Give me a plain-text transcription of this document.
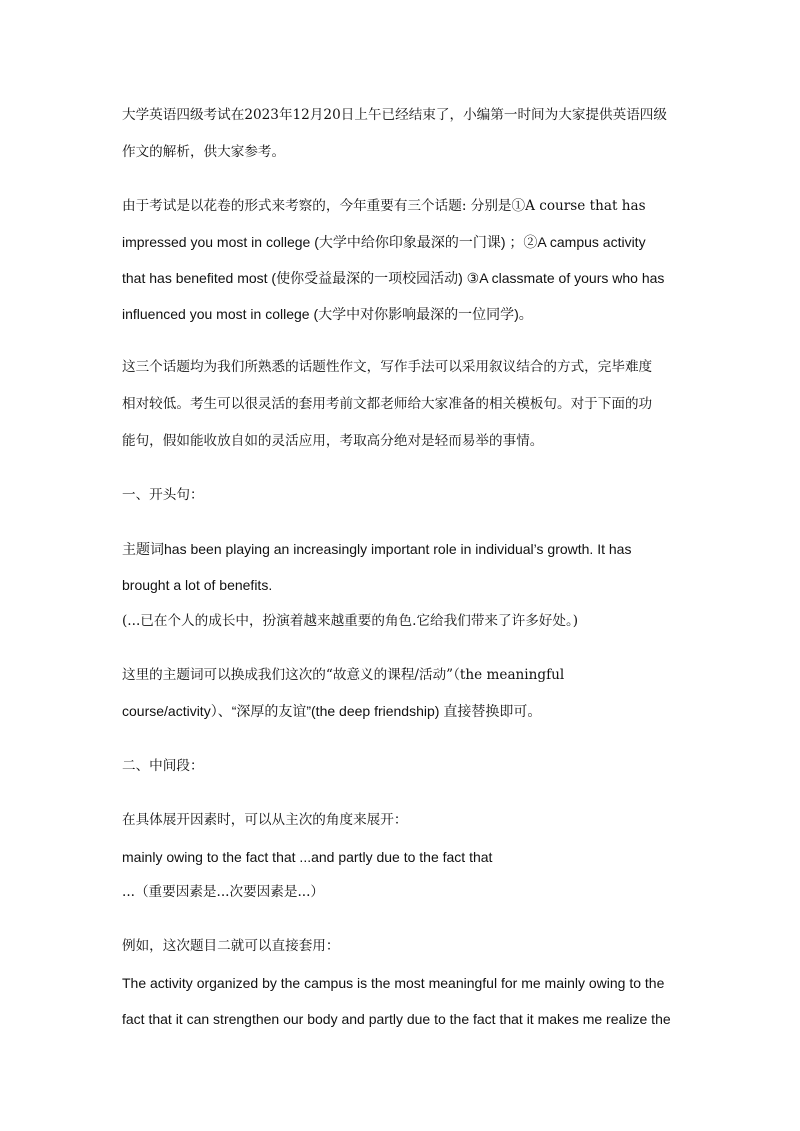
大学英语四级考试在2023年12月20日上午已经结束了，小编第一时间为大家提供英语四级
作文的解析，供大家参考。
由于考试是以花卷的形式来考察的，今年重要有三个话题: 分别是①A course that has
impressed you most in college (大学中给你印象最深的一门课) ；②A campus activity
that has benefited most (使你受益最深的一项校园活动) ③A classmate of yours who has
influenced you most in college (大学中对你影响最深的一位同学)。
这三个话题均为我们所熟悉的话题性作文，写作手法可以采用叙议结合的方式，完毕难度
相对较低。考生可以很灵活的套用考前文都老师给大家准备的相关模板句。对于下面的功
能句，假如能收放自如的灵活应用，考取高分绝对是轻而易举的事情。
一、开头句：
主题词has been playing an increasingly important role in individual’s growth. It has
brought a lot of benefits.
(...已在个人的成长中，扮演着越来越重要的角色.它给我们带来了许多好处。)
这里的主题词可以换成我们这次的“故意义的课程/活动”（the meaningful
course/activity）、“深厚的友谊”(the deep friendship) 直接替换即可。
二、中间段：
在具体展开因素时，可以从主次的角度来展开：
mainly owing to the fact that ...and partly due to the fact that
...（重要因素是...次要因素是...）
例如，这次题目二就可以直接套用：
The activity organized by the campus is the most meaningful for me mainly owing to the
fact that it can strengthen our body and partly due to the fact that it makes me realize the
